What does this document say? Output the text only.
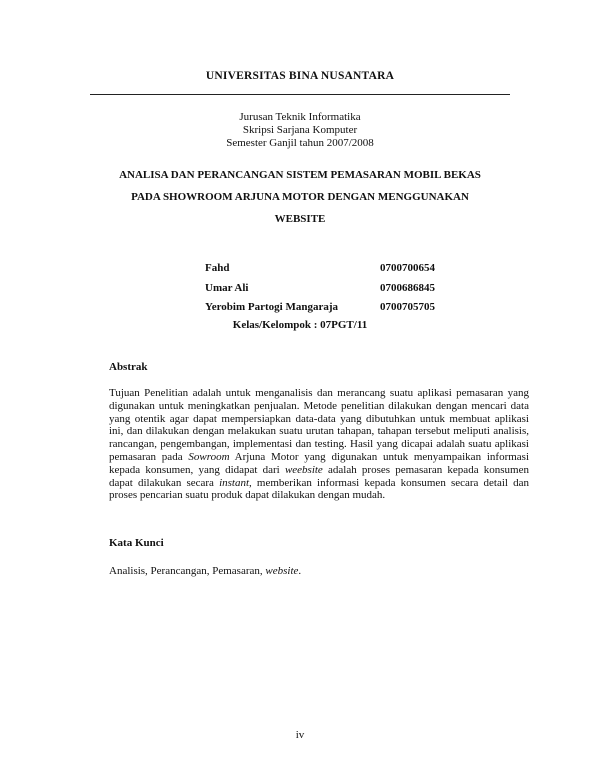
UNIVERSITAS BINA NUSANTARA
Jurusan Teknik Informatika
Skripsi Sarjana Komputer
Semester Ganjil tahun 2007/2008
ANALISA DAN PERANCANGAN SISTEM PEMASARAN MOBIL BEKAS
PADA SHOWROOM ARJUNA MOTOR DENGAN MENGGUNAKAN
WEBSITE
Fahd	0700700654
Umar Ali	0700686845
Yerobim Partogi Mangaraja	0700705705
Kelas/Kelompok : 07PGT/11
Abstrak
Tujuan Penelitian adalah untuk menganalisis dan merancang suatu aplikasi pemasaran yang digunakan untuk meningkatkan penjualan. Metode penelitian dilakukan dengan mencari data yang otentik agar dapat mempersiapkan data-data yang dibutuhkan untuk membuat aplikasi ini, dan dilakukan dengan melakukan suatu urutan tahapan, tahapan tersebut meliputi analisis, rancangan, pengembangan, implementasi dan testing. Hasil yang dicapai adalah suatu aplikasi pemasaran pada Sowroom Arjuna Motor yang digunakan untuk menyampaikan informasi kepada konsumen, yang didapat dari weebsite adalah proses pemasaran kepada konsumen dapat dilakukan secara instant, memberikan informasi kepada konsumen secara detail dan proses pencarian suatu produk dapat dilakukan dengan mudah.
Kata Kunci
Analisis, Perancangan, Pemasaran, website.
iv
